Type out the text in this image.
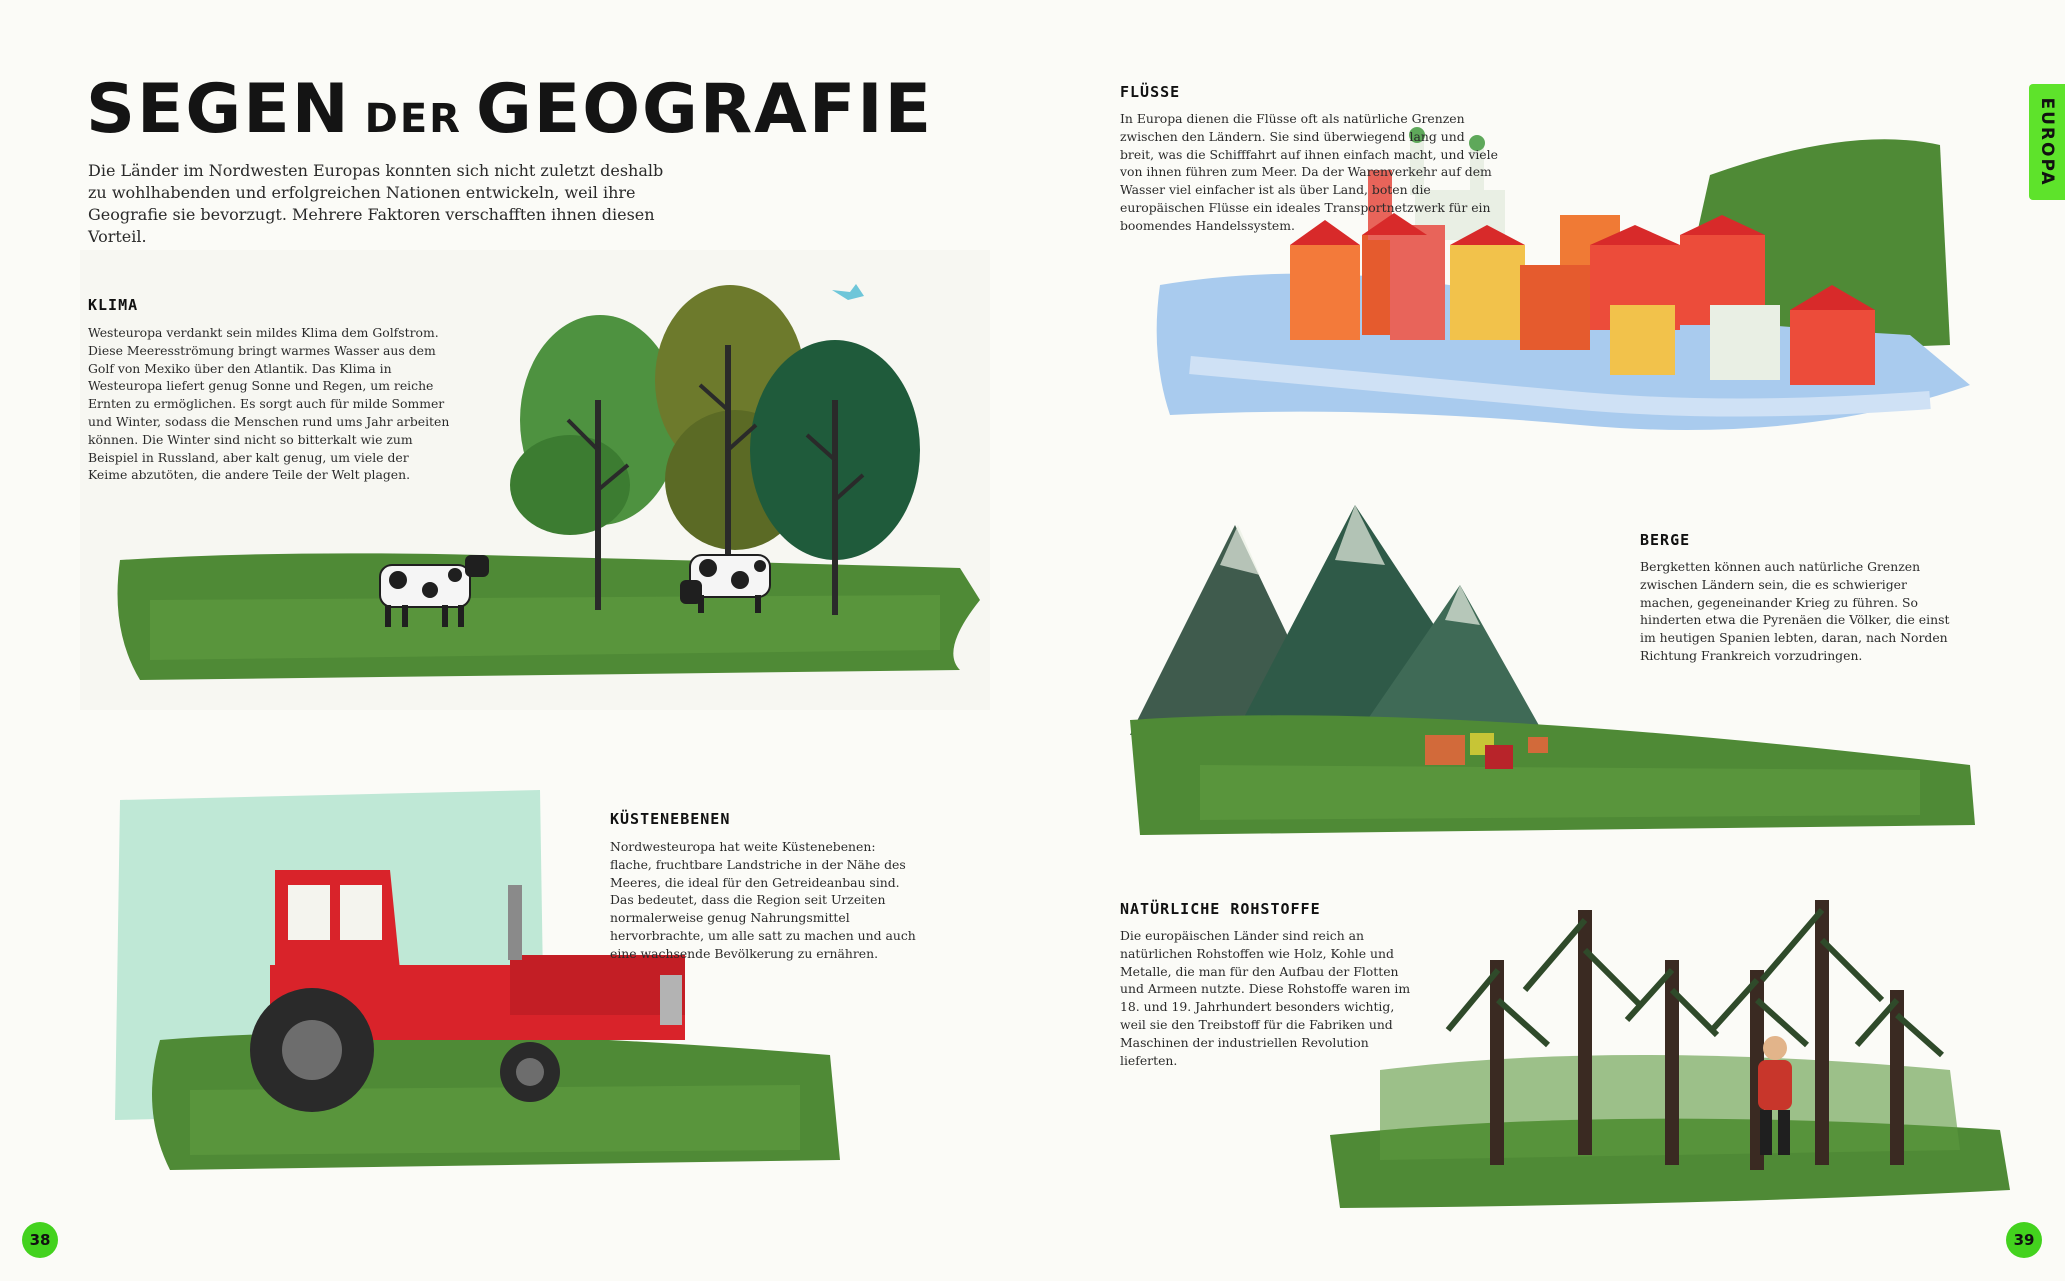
SEGEN DER GEOGRAFIE
Die Länder im Nordwesten Europas konnten sich nicht zuletzt deshalb zu wohlhabenden und erfolgreichen Nationen entwickeln, weil ihre Geografie sie bevorzugt. Mehrere Faktoren verschafften ihnen diesen Vorteil.
KLIMA
Westeuropa verdankt sein mildes Klima dem Golfstrom. Diese Meeresströmung bringt warmes Wasser aus dem Golf von Mexiko über den Atlantik. Das Klima in Westeuropa liefert genug Sonne und Regen, um reiche Ernten zu ermöglichen. Es sorgt auch für milde Sommer und Winter, sodass die Menschen rund ums Jahr arbeiten können. Die Winter sind nicht so bitterkalt wie zum Beispiel in Russland, aber kalt genug, um viele der Keime abzutöten, die andere Teile der Welt plagen.
KÜSTENEBENEN
Nordwesteuropa hat weite Küstenebenen: flache, fruchtbare Landstriche in der Nähe des Meeres, die ideal für den Getreideanbau sind. Das bedeutet, dass die Region seit Urzeiten normalerweise genug Nahrungsmittel hervorbrachte, um alle satt zu machen und auch eine wachsende Bevölkerung zu ernähren.
FLÜSSE
In Europa dienen die Flüsse oft als natürliche Grenzen zwischen den Ländern. Sie sind überwiegend lang und breit, was die Schifffahrt auf ihnen einfach macht, und viele von ihnen führen zum Meer. Da der Warenverkehr auf dem Wasser viel einfacher ist als über Land, boten die europäischen Flüsse ein ideales Transportnetzwerk für ein boomendes Handelssystem.
BERGE
Bergketten können auch natürliche Grenzen zwischen Ländern sein, die es schwieriger machen, gegeneinander Krieg zu führen. So hinderten etwa die Pyrenäen die Völker, die einst im heutigen Spanien lebten, daran, nach Norden Richtung Frankreich vorzudringen.
NATÜRLICHE ROHSTOFFE
Die europäischen Länder sind reich an natürlichen Rohstoffen wie Holz, Kohle und Metalle, die man für den Aufbau der Flotten und Armeen nutzte. Diese Rohstoffe waren im 18. und 19. Jahrhundert besonders wichtig, weil sie den Treibstoff für die Fabriken und Maschinen der industriellen Revolution lieferten.
EUROPA
38	39
